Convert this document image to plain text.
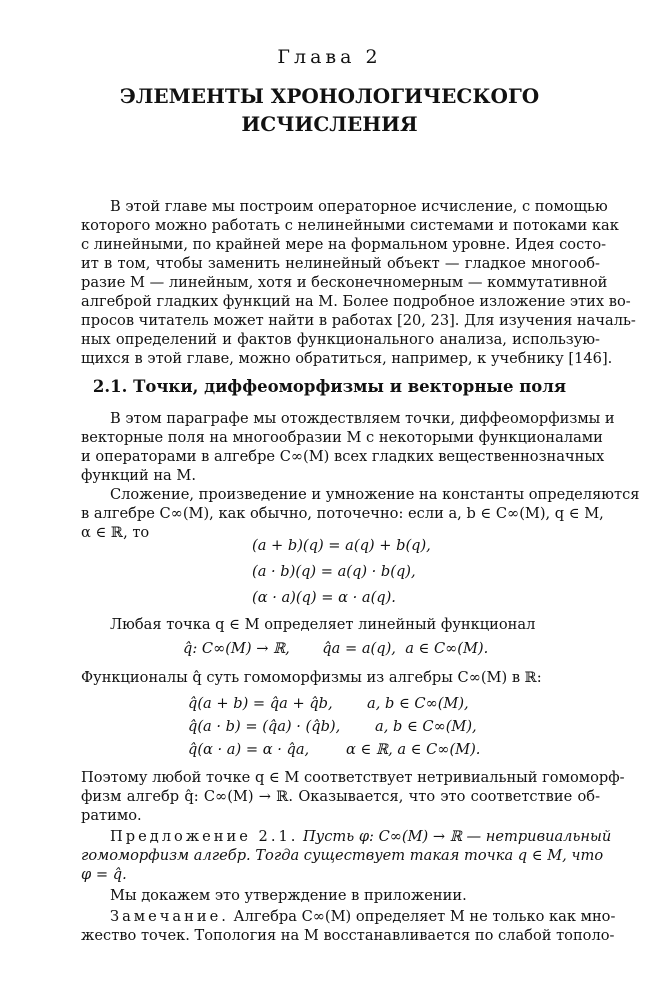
Глава 2
ЭЛЕМЕНТЫ ХРОНОЛОГИЧЕСКОГО
ИСЧИСЛЕНИЯ
В этой главе мы построим операторное исчисление, с помощью
которого можно работать с нелинейными системами и потоками как
с линейными, по крайней мере на формальном уровне. Идея состо-
ит в том, чтобы заменить нелинейный объект — гладкое многооб-
разие M — линейным, хотя и бесконечномерным — коммутативной
алгеброй гладких функций на M. Более подробное изложение этих во-
просов читатель может найти в работах [20, 23]. Для изучения началь-
ных определений и фактов функционального анализа, использую-
щихся в этой главе, можно обратиться, например, к учебнику [146].
2.1. Точки, диффеоморфизмы и векторные поля
В этом параграфе мы отождествляем точки, диффеоморфизмы и
векторные поля на многообразии M с некоторыми функционалами
и операторами в алгебре C∞(M) всех гладких вещественнозначных
функций на M.
Сложение, произведение и умножение на константы определяются
в алгебре C∞(M), как обычно, поточечно: если a, b ∈ C∞(M), q ∈ M,
α ∈ ℝ, то
(a + b)(q) = a(q) + b(q),
(a · b)(q) = a(q) · b(q),
(α · a)(q) = α · a(q).
Любая точка q ∈ M определяет линейный функционал
q̂: C∞(M) → ℝ,       q̂a = a(q),  a ∈ C∞(M).
Функционалы q̂ суть гомоморфизмы из алгебры C∞(M) в ℝ:
q̂(a + b) = q̂a + q̂b, a, b ∈ C∞(M),
q̂(a · b) = (q̂a) · (q̂b), a, b ∈ C∞(M),
q̂(α · a) = α · q̂a,	α ∈ ℝ, a ∈ C∞(M).
Поэтому любой точке q ∈ M соответствует нетривиальный гомоморф-
физм алгебр q̂: C∞(M) → ℝ. Оказывается, что это соответствие об-
ратимо.
Предложение 2.1. Пусть φ: C∞(M) → ℝ — нетривиальный
гомоморфизм алгебр. Тогда существует такая точка q ∈ M, что
φ = q̂.
Мы докажем это утверждение в приложении.
Замечание. Алгебра C∞(M) определяет M не только как мно-
жество точек. Топология на M восстанавливается по слабой тополо-
